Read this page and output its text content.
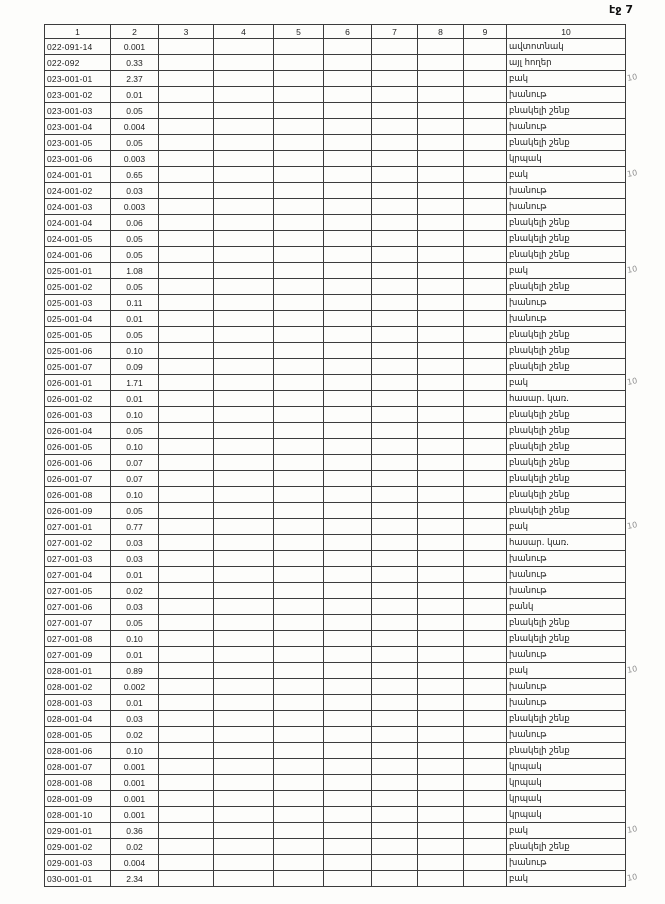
էջ 7
1	2	3	4	5	6	7	8	9	10
022-091-14	0.001								ավտոտնակ
022-092	0.33								այլ հողեր
023-001-01	2.37								բակ 10

023-001-02	0.01								խանութ
023-001-03	0.05								բնակելի շենք
023-001-04	0.004								խանութ
023-001-05	0.05								բնակելի շենք
023-001-06	0.003								կրպակ
024-001-01	0.65								բակ 10

024-001-02	0.03								խանութ
024-001-03	0.003								խանութ
024-001-04	0.06								բնակելի շենք
024-001-05	0.05								բնակելի շենք
024-001-06	0.05								բնակելի շենք
025-001-01	1.08								բակ 10

025-001-02	0.05								բնակելի շենք
025-001-03	0.11								խանութ
025-001-04	0.01								խանութ
025-001-05	0.05								բնակելի շենք
025-001-06	0.10								բնակելի շենք
025-001-07	0.09								բնակելի շենք
026-001-01	1.71								բակ 10

026-001-02	0.01								հասար. կառ.
026-001-03	0.10								բնակելի շենք
026-001-04	0.05								բնակելի շենք
026-001-05	0.10								բնակելի շենք
026-001-06	0.07								բնակելի շենք
026-001-07	0.07								բնակելի շենք
026-001-08	0.10								բնակելի շենք
026-001-09	0.05								բնակելի շենք
027-001-01	0.77								բակ 10

027-001-02	0.03								հասար. կառ.
027-001-03	0.03								խանութ
027-001-04	0.01								խանութ
027-001-05	0.02								խանութ
027-001-06	0.03								բանկ
027-001-07	0.05								բնակելի շենք
027-001-08	0.10								բնակելի շենք
027-001-09	0.01								խանութ
028-001-01	0.89								բակ 10

028-001-02	0.002								խանութ
028-001-03	0.01								խանութ
028-001-04	0.03								բնակելի շենք
028-001-05	0.02								խանութ
028-001-06	0.10								բնակելի շենք
028-001-07	0.001								կրպակ
028-001-08	0.001								կրպակ
028-001-09	0.001								կրպակ
028-001-10	0.001								կրպակ
029-001-01	0.36								բակ 10

029-001-02	0.02								բնակելի շենք
029-001-03	0.004								խանութ
030-001-01	2.34								բակ 10
